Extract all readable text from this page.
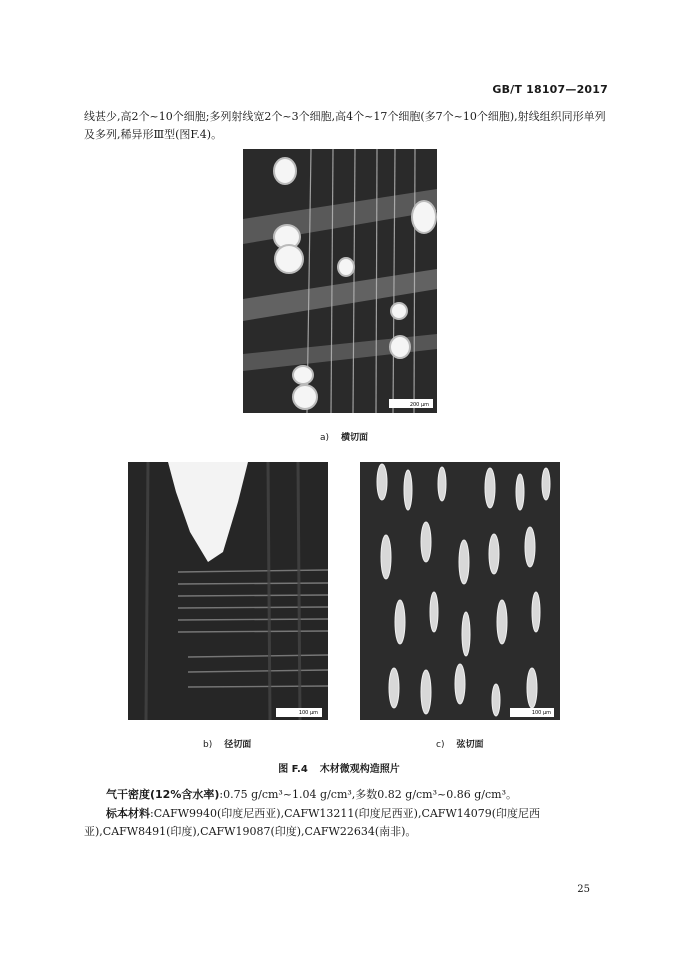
GB/T 18107—2017

线甚少,高2个~10个细胞;多列射线宽2个~3个细胞,高4个~17个细胞(多7个~10个细胞),射线组织同形单列及多列,稀异形Ⅲ型(图F.4)。

200 μm
a) 横切面
100 μm
b) 径切面
100 μm
c) 弦切面
图 F.4 木材微观构造照片

气干密度(12%含水率):0.75 g/cm³~1.04 g/cm³,多数0.82 g/cm³~0.86 g/cm³。

标本材料:CAFW9940(印度尼西亚),CAFW13211(印度尼西亚),CAFW14079(印度尼西亚),CAFW8491(印度),CAFW19087(印度),CAFW22634(南非)。

25
